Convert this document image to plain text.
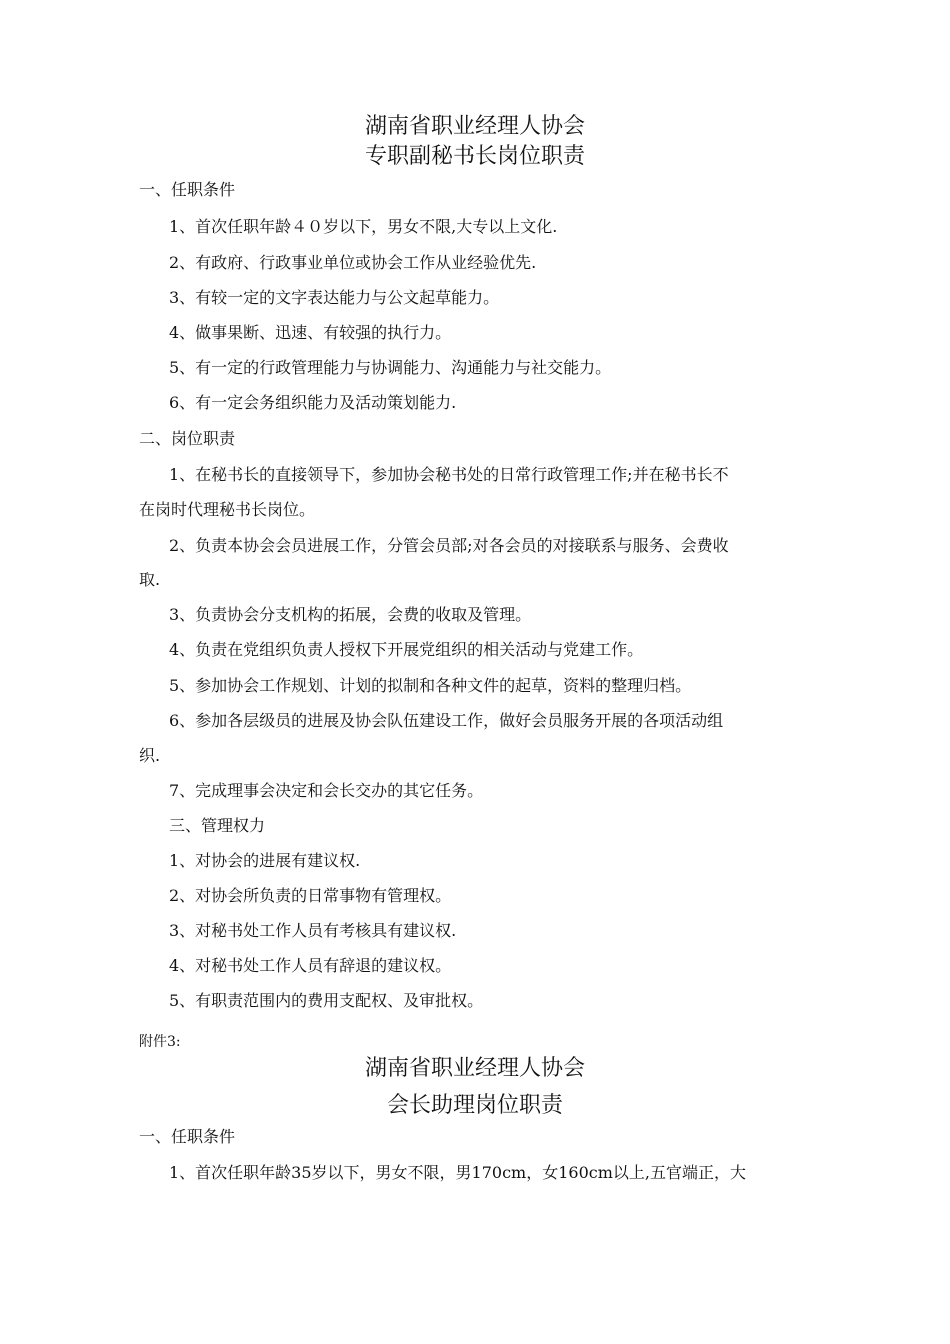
湖南省职业经理人协会
专职副秘书长岗位职责
一、任职条件
1、首次任职年龄４０岁以下，男女不限,大专以上文化.
2、有政府、行政事业单位或协会工作从业经验优先.
3、有较一定的文字表达能力与公文起草能力。
4、做事果断、迅速、有较强的执行力。
5、有一定的行政管理能力与协调能力、沟通能力与社交能力。
6、有一定会务组织能力及活动策划能力.
二、岗位职责
1、在秘书长的直接领导下，参加协会秘书处的日常行政管理工作;并在秘书长不
在岗时代理秘书长岗位。
2、负责本协会会员进展工作，分管会员部;对各会员的对接联系与服务、会费收
取.
3、负责协会分支机构的拓展，会费的收取及管理。
4、负责在党组织负责人授权下开展党组织的相关活动与党建工作。
5、参加协会工作规划、计划的拟制和各种文件的起草，资料的整理归档。
6、参加各层级员的进展及协会队伍建设工作，做好会员服务开展的各项活动组
织.
7、完成理事会决定和会长交办的其它任务。
三、管理权力
1、对协会的进展有建议权.
2、对协会所负责的日常事物有管理权。
3、对秘书处工作人员有考核具有建议权.
4、对秘书处工作人员有辞退的建议权。
5、有职责范围内的费用支配权、及审批权。
附件3:
湖南省职业经理人协会
会长助理岗位职责
一、任职条件
1、首次任职年龄35岁以下，男女不限，男170cm，女160cm以上,五官端正，大
